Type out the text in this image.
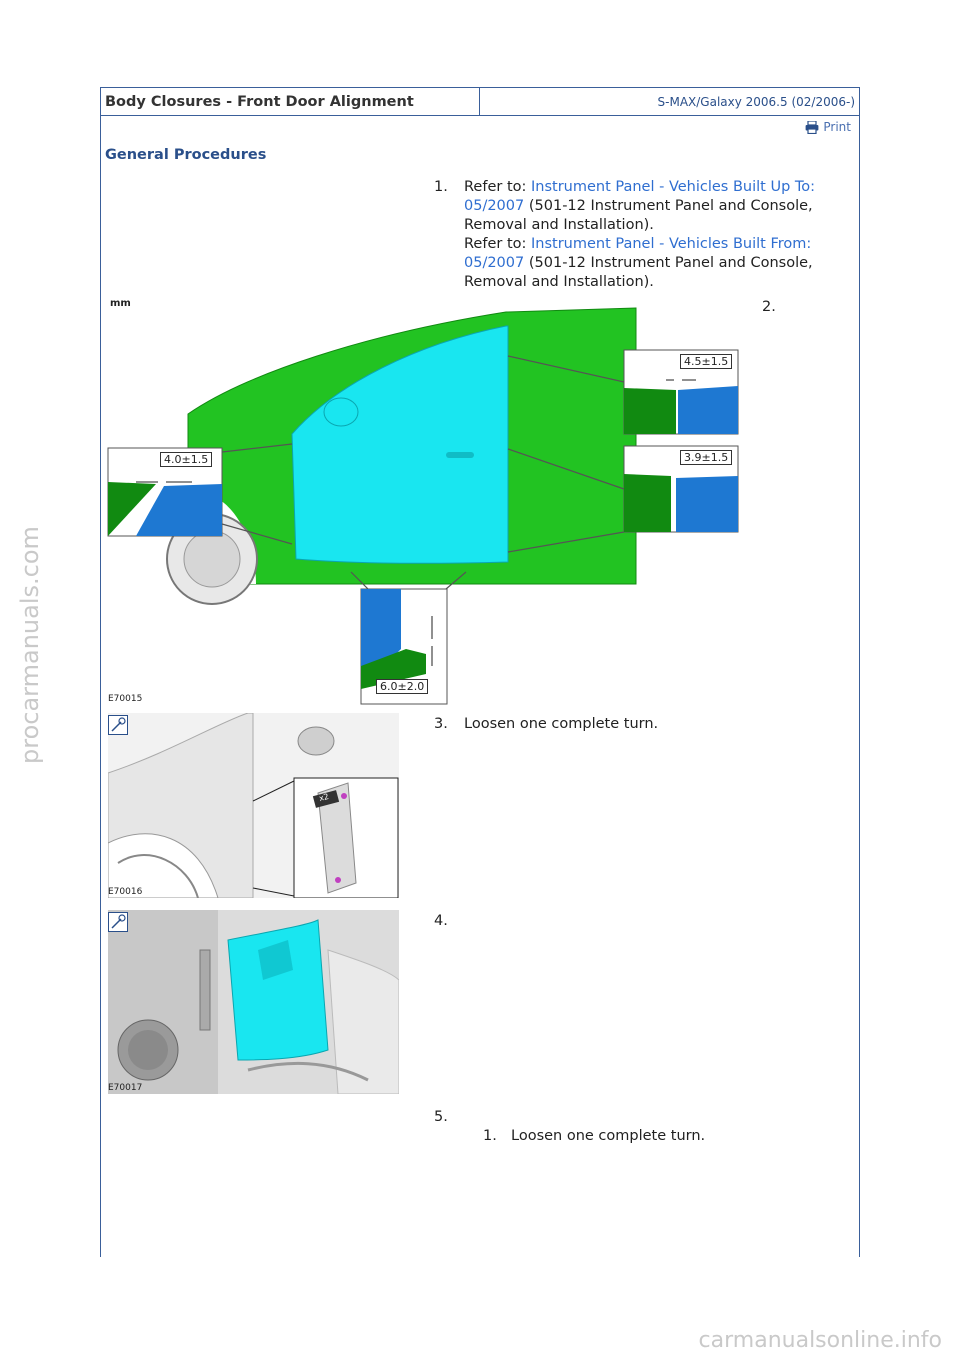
Body Closures - Front Door Alignment	S-MAX/Galaxy 2006.5 (02/2006-)
Print
General Procedures
1. Refer to: Instrument Panel - Vehicles Built Up To: 05/2007 (501-12 Instrument Panel and Console, Removal and Installation).
Refer to: Instrument Panel - Vehicles Built From: 05/2007 (501-12 Instrument Panel and Console, Removal and Installation).
2.
mm
4.5±1.5
4.0±1.5	3.9±1.5
6.0±2.0
E70015
3. Loosen one complete turn.
x2
E70016
4.
E70017
5.
1. Loosen one complete turn.
procarmanuals.com
carmanualsonline.info
